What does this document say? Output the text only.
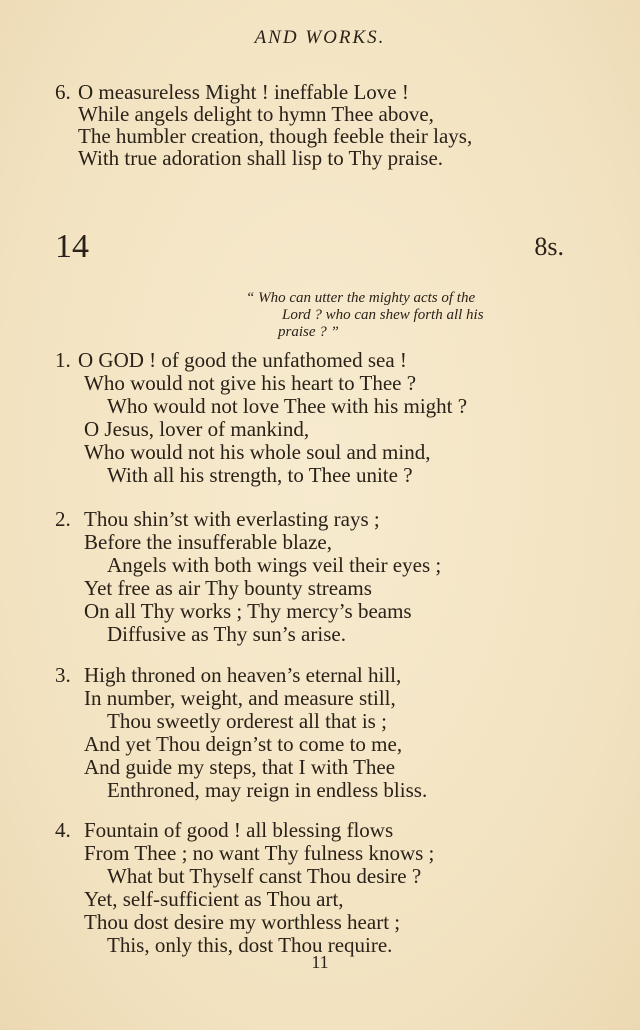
AND WORKS.
6. O measureless Might ! ineffable Love !
While angels delight to hymn Thee above,
The humbler creation, though feeble their lays,
With true adoration shall lisp to Thy praise.
14	8s.
“ Who can utter the mighty acts of the
Lord ? who can shew forth all his
praise ? ”
1. O GOD ! of good the unfathomed sea !
Who would not give his heart to Thee ?
Who would not love Thee with his might ?
O Jesus, lover of mankind,
Who would not his whole soul and mind,
With all his strength, to Thee unite ?
2. Thou shin’st with everlasting rays ;
Before the insufferable blaze,
Angels with both wings veil their eyes ;
Yet free as air Thy bounty streams
On all Thy works ; Thy mercy’s beams
Diffusive as Thy sun’s arise.
3. High throned on heaven’s eternal hill,
In number, weight, and measure still,
Thou sweetly orderest all that is ;
And yet Thou deign’st to come to me,
And guide my steps, that I with Thee
Enthroned, may reign in endless bliss.
4. Fountain of good ! all blessing flows
From Thee ; no want Thy fulness knows ;
What but Thyself canst Thou desire ?
Yet, self-sufficient as Thou art,
Thou dost desire my worthless heart ;
This, only this, dost Thou require.
11
